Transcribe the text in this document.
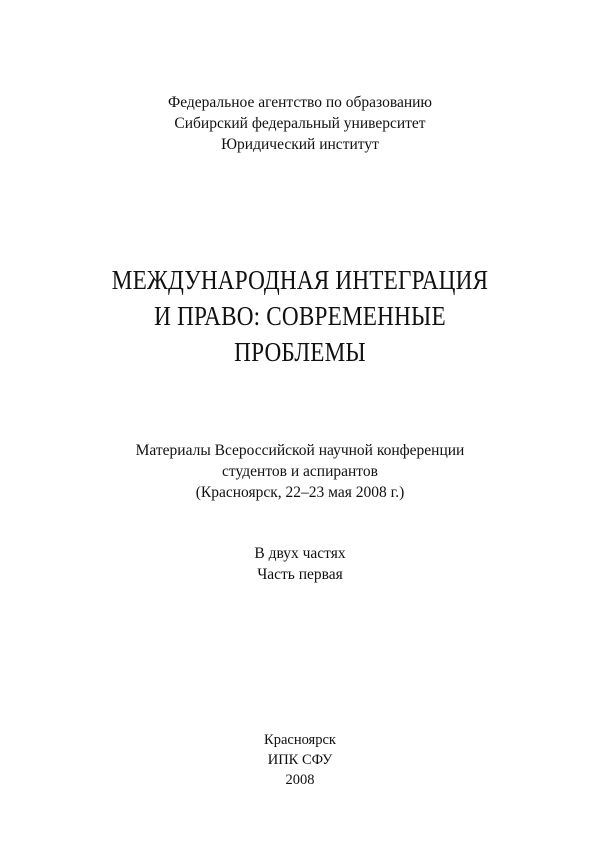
Федеральное агентство по образованию
Сибирский федеральный университет
Юридический институт
МЕЖДУНАРОДНАЯ ИНТЕГРАЦИЯ
И ПРАВО: СОВРЕМЕННЫЕ
ПРОБЛЕМЫ
Материалы Всероссийской научной конференции
студентов и аспирантов
(Красноярск, 22–23 мая 2008 г.)
В двух частях
Часть первая
Красноярск
ИПК СФУ
2008
